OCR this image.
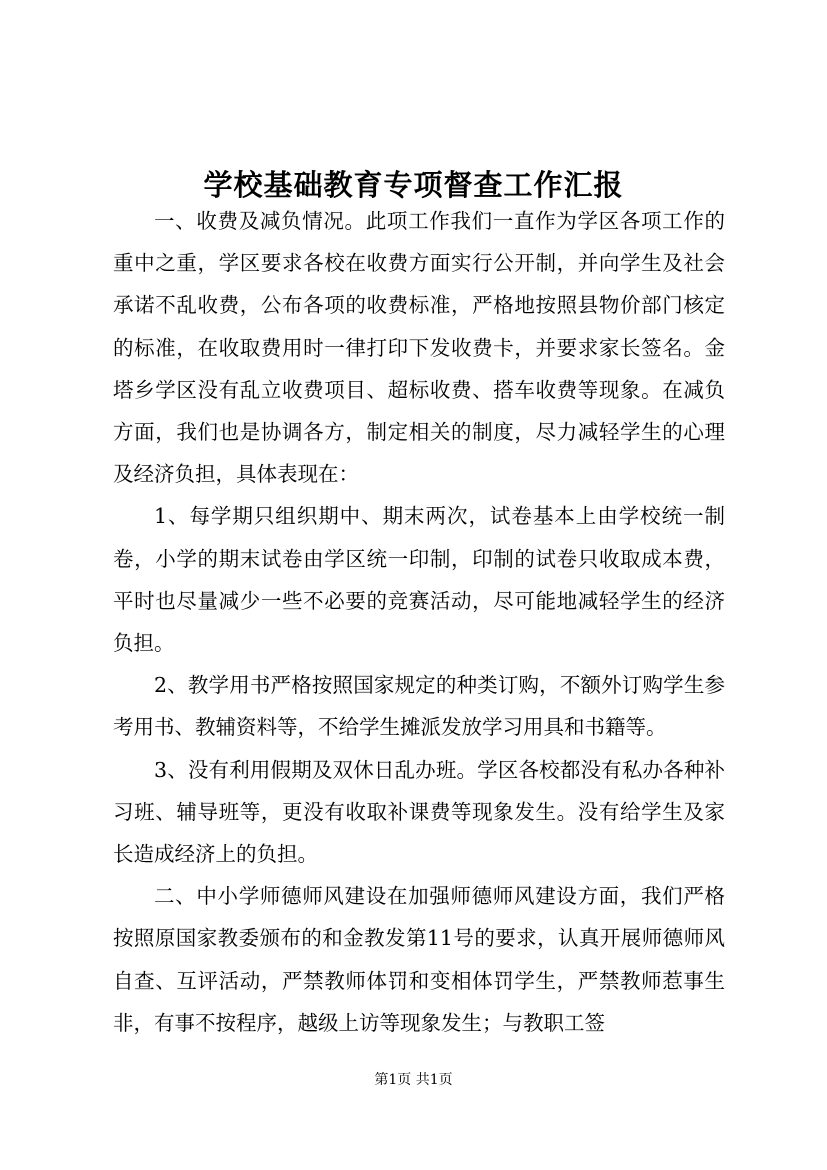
学校基础教育专项督查工作汇报

一、收费及减负情况。此项工作我们一直作为学区各项工作的重中之重，学区要求各校在收费方面实行公开制，并向学生及社会承诺不乱收费，公布各项的收费标准，严格地按照县物价部门核定的标准，在收取费用时一律打印下发收费卡，并要求家长签名。金塔乡学区没有乱立收费项目、超标收费、搭车收费等现象。在减负方面，我们也是协调各方，制定相关的制度，尽力减轻学生的心理及经济负担，具体表现在：

1、每学期只组织期中、期末两次，试卷基本上由学校统一制卷，小学的期末试卷由学区统一印制，印制的试卷只收取成本费，平时也尽量减少一些不必要的竞赛活动，尽可能地减轻学生的经济负担。

2、教学用书严格按照国家规定的种类订购，不额外订购学生参考用书、教辅资料等，不给学生摊派发放学习用具和书籍等。

3、没有利用假期及双休日乱办班。学区各校都没有私办各种补习班、辅导班等，更没有收取补课费等现象发生。没有给学生及家长造成经济上的负担。

二、中小学师德师风建设在加强师德师风建设方面，我们严格按照原国家教委颁布的和金教发第11号的要求，认真开展师德师风自查、互评活动，严禁教师体罚和变相体罚学生，严禁教师惹事生非，有事不按程序，越级上访等现象发生；与教职工签

第1页 共1页
